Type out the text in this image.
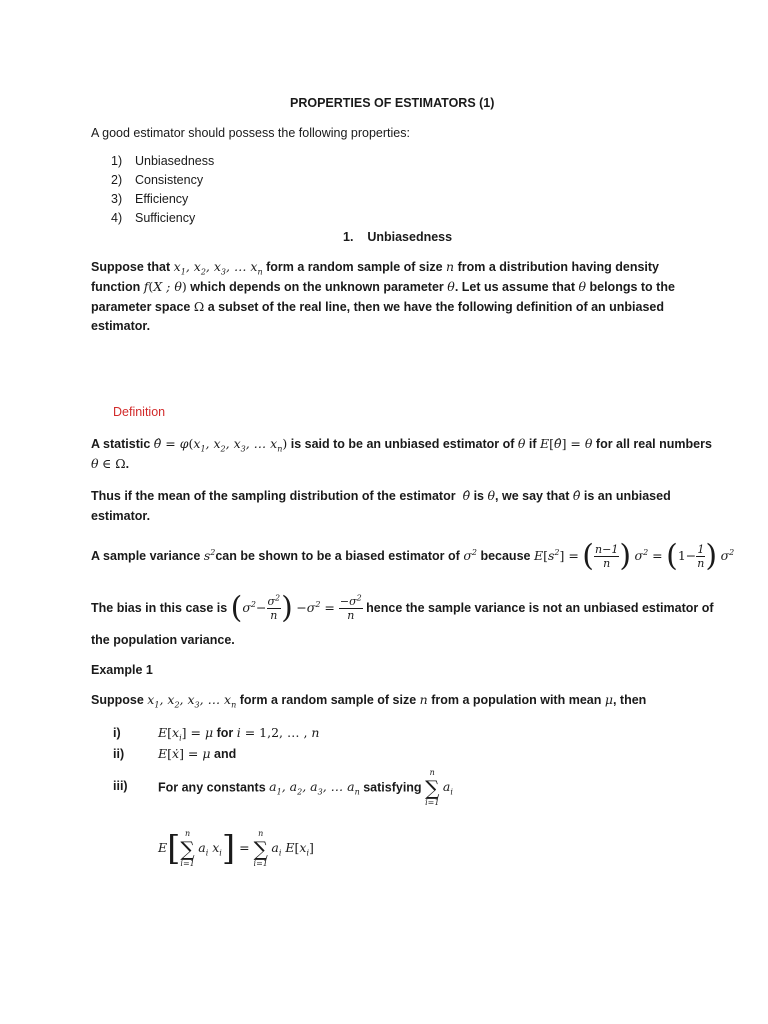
PROPERTIES OF ESTIMATORS (1)
A good estimator should possess the following properties:
1) Unbiasedness
2) Consistency
3) Efficiency
4) Sufficiency
1.    Unbiasedness
Suppose that $x_1$, $x_2$, $x_3$, … $x_n$ form a random sample of size n from a distribution having density
function f(X ; θ) which depends on the unknown parameter θ. Let us assume that θ belongs to the
parameter space Ω a subset of the real line, then we have the following definition of an unbiased
estimator.
Definition
A statistic θ̂ = $\varphi(x_1$, $x_2$, $x_3$, … $x_n$) is said to be an unbiased estimator of θ if E[θ̂] = θ for all real numbers
θ ∈ Ω.
Thus if the mean of the sampling distribution of the estimator θ̂ is θ, we say that θ̂ is an unbiased
estimator.
A sample variance $s^2can$ be shown to be a biased estimator of $\sigma^2$ because $E[s^2]$ = ( $\frac{n-1}{n}$ ) $\sigma^2 = (1- \frac{1}{n}$ ) $\sigma^2$
The bias in this case is ($\sigma^2- \frac{\sigma^2}{n}$ ) $-\sigma^2 = \frac{-\sigma^2}{n}$ hence the sample variance is not an unbiased estimator of
the population variance.
Example 1
Suppose $x_1$, $x_2$, $x_3$, … $x_n$ form a random sample of size n from a population with mean μ, then
i)	$E[x_i] = \mu$ for i = 1,2, … , n
ii)	E[ẋ] = μ and
iii) For any constants $a_1$, $a_2$, $a_3$, … $a_n$ satisfying
n
∑
i=1
$a_i$
E[ n
∑
i=1
$a_i$ $x_i$] =
n
∑
i=1
$a_i$ $E[x_i]$
